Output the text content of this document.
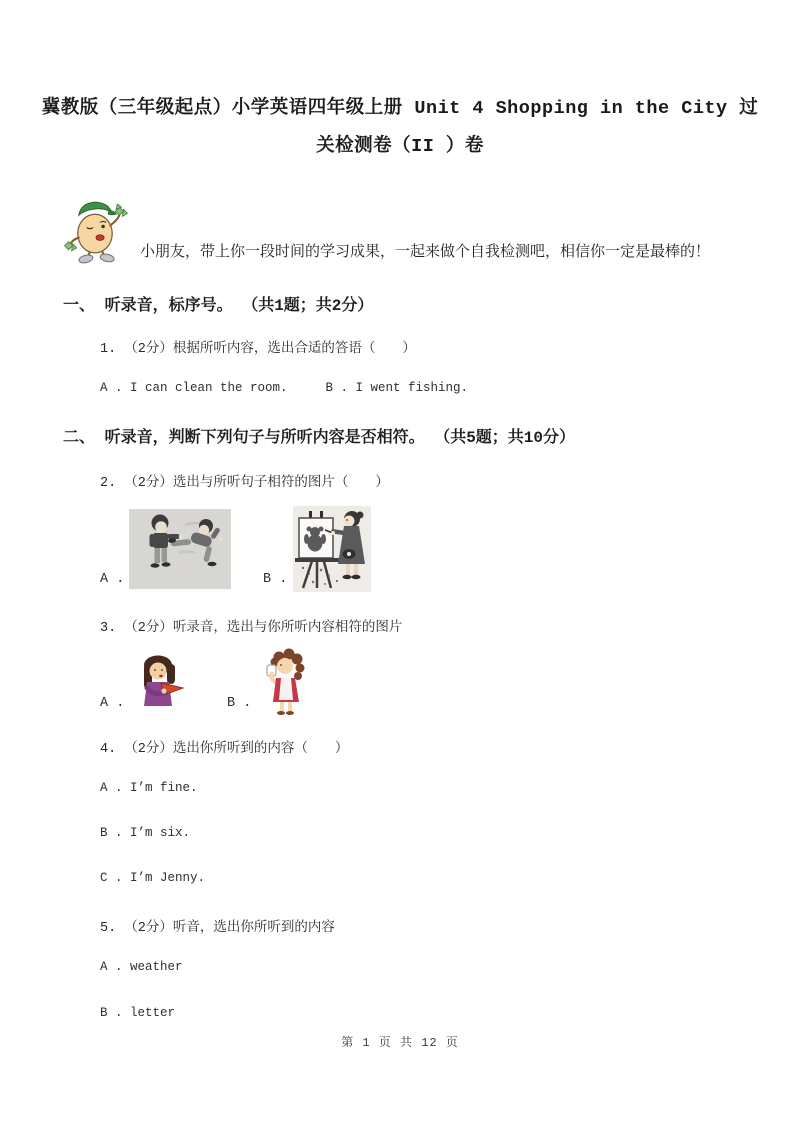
冀教版（三年级起点）小学英语四年级上册 Unit 4 Shopping in the City 过
关检测卷（II ）卷
小朋友，带上你一段时间的学习成果，一起来做个自我检测吧，相信你一定是最棒的！
一、 听录音，标序号。 （共1题；共2分）
1. （2分）根据所听内容，选出合适的答语（　　）
A . I can clean the room.	B . I went fishing.
二、 听录音，判断下列句子与所听内容是否相符。 （共5题；共10分）
2. （2分）选出与所听句子相符的图片（　　）
A .	B .
3. （2分）听录音，选出与你所听内容相符的图片
A .	B .
4. （2分）选出你所听到的内容（　　）
A . I’m fine.
B . I’m six.
C . I’m Jenny.
5. （2分）听音，选出你所听到的内容
A . weather
B . letter
第 1 页 共 12 页
